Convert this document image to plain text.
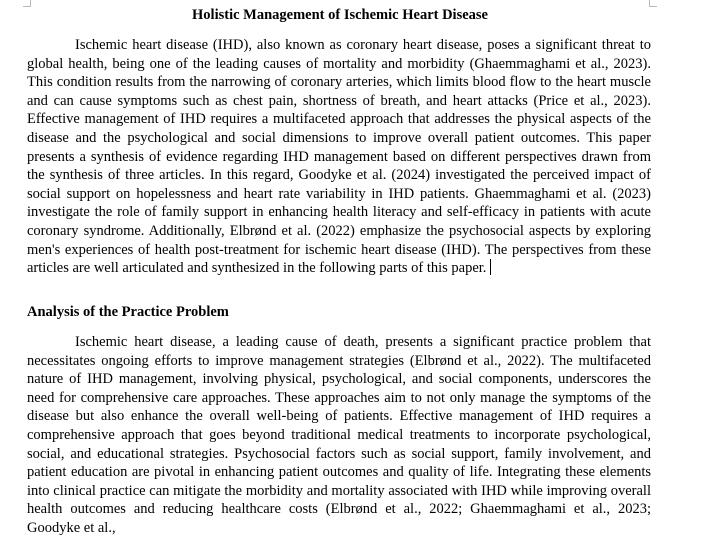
Holistic Management of Ischemic Heart Disease

Ischemic heart disease (IHD), also known as coronary heart disease, poses a significant threat to global health, being one of the leading causes of mortality and morbidity (Ghaemmaghami et al., 2023). This condition results from the narrowing of coronary arteries, which limits blood flow to the heart muscle and can cause symptoms such as chest pain, shortness of breath, and heart attacks (Price et al., 2023). Effective management of IHD requires a multifaceted approach that addresses the physical aspects of the disease and the psychological and social dimensions to improve overall patient outcomes. This paper presents a synthesis of evidence regarding IHD management based on different perspectives drawn from the synthesis of three articles. In this regard, Goodyke et al. (2024) investigated the perceived impact of social support on hopelessness and heart rate variability in IHD patients. Ghaemmaghami et al. (2023) investigate the role of family support in enhancing health literacy and self-efficacy in patients with acute coronary syndrome. Additionally, Elbrønd et al. (2022) emphasize the psychosocial aspects by exploring men's experiences of health post-treatment for ischemic heart disease (IHD). The perspectives from these articles are well articulated and synthesized in the following parts of this paper.

Analysis of the Practice Problem

Ischemic heart disease, a leading cause of death, presents a significant practice problem that necessitates ongoing efforts to improve management strategies (Elbrønd et al., 2022). The multifaceted nature of IHD management, involving physical, psychological, and social components, underscores the need for comprehensive care approaches. These approaches aim to not only manage the symptoms of the disease but also enhance the overall well-being of patients. Effective management of IHD requires a comprehensive approach that goes beyond traditional medical treatments to incorporate psychological, social, and educational strategies. Psychosocial factors such as social support, family involvement, and patient education are pivotal in enhancing patient outcomes and quality of life. Integrating these elements into clinical practice can mitigate the morbidity and mortality associated with IHD while improving overall health outcomes and reducing healthcare costs (Elbrønd et al., 2022; Ghaemmaghami et al., 2023; Goodyke et al.,
